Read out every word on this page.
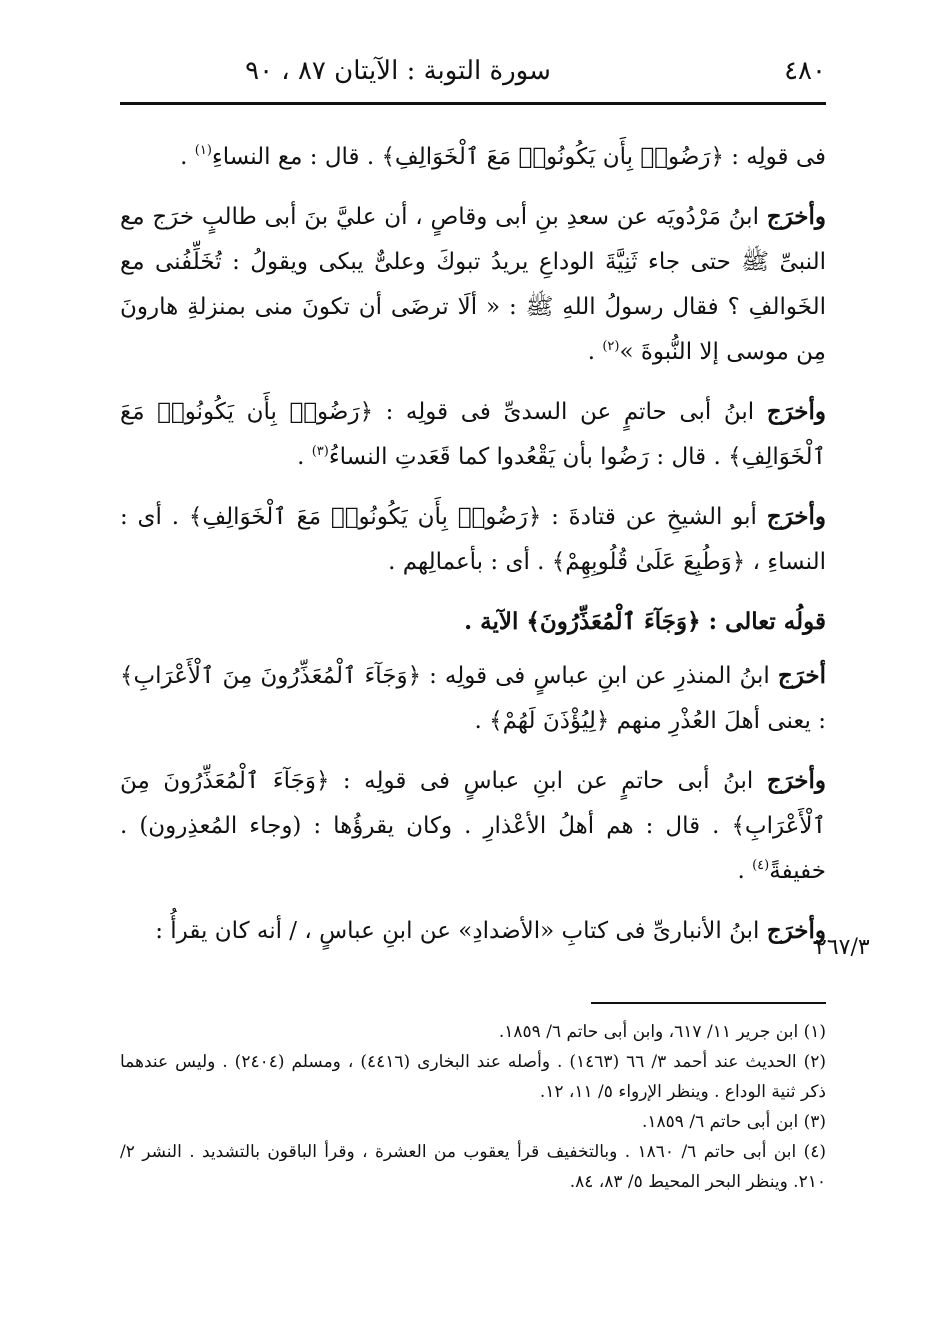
٤٨٠
سورة التوبة : الآيتان ٨٧ ، ٩٠

فى قولِه : ﴿رَضُوا۟ بِأَن يَكُونُوا۟ مَعَ ٱلْخَوَالِفِ﴾ . قال : مع النساءِ$^{(١)}$ .

وأخرَج ابنُ مَرْدُويَه عن سعدِ بنِ أبى وقاصٍ ، أن عليَّ بنَ أبى طالبٍ خرَج مع النبىِّ ﷺ حتى جاء ثَنِيَّةَ الوداعِ يريدُ تبوكَ وعلىٌّ يبكى ويقولُ : تُخَلِّفُنى مع الخَوالفِ ؟ فقال رسولُ اللهِ ﷺ : « ألَا ترضَى أن تكونَ منى بمنزلةِ هارونَ مِن موسى إلا النُّبوةَ »$^{(٢)}$ .

وأخرَج ابنُ أبى حاتمٍ عن السدىِّ فى قولِه : ﴿رَضُوا۟ بِأَن يَكُونُوا۟ مَعَ ٱلْخَوَالِفِ﴾ . قال : رَضُوا بأن يَقْعُدوا كما قَعَدتِ النساءُ$^{(٣)}$ .

وأخرَج أبو الشيخِ عن قتادةَ : ﴿رَضُوا۟ بِأَن يَكُونُوا۟ مَعَ ٱلْخَوَالِفِ﴾ . أى : النساءِ ، ﴿وَطُبِعَ عَلَىٰ قُلُوبِهِمْ﴾ . أى : بأعمالِهم .

قولُه تعالى : ﴿وَجَآءَ ٱلْمُعَذِّرُونَ﴾ الآية .

أخرَج ابنُ المنذرِ عن ابنِ عباسٍ فى قولِه : ﴿وَجَآءَ ٱلْمُعَذِّرُونَ مِنَ ٱلْأَعْرَابِ﴾ : يعنى أهلَ العُذْرِ منهم ﴿لِيُؤْذَنَ لَهُمْ﴾ .

وأخرَج ابنُ أبى حاتمٍ عن ابنِ عباسٍ فى قولِه : ﴿وَجَآءَ ٱلْمُعَذِّرُونَ مِنَ ٱلْأَعْرَابِ﴾ . قال : هم أهلُ الأعْذارِ . وكان يقرؤُها : (وجاء المُعذِرون) . خفيفةً$^{(٤)}$ .

وأخرَج ابنُ الأنبارىِّ فى كتابِ «الأضدادِ» عن ابنِ عباسٍ ، / أنه كان يقرأُ :

٢٦٧/٣
(١) ابن جرير ١١/ ٦١٧، وابن أبى حاتم ٦/ ١٨٥٩.
(٢) الحديث عند أحمد ٣/ ٦٦ (١٤٦٣) . وأصله عند البخارى (٤٤١٦) ، ومسلم (٢٤٠٤) . وليس عندهما ذكر ثنية الوداع . وينظر الإرواء ٥/ ١١، ١٢.
(٣) ابن أبى حاتم ٦/ ١٨٥٩.
(٤) ابن أبى حاتم ٦/ ١٨٦٠ . وبالتخفيف قرأ يعقوب من العشرة ، وقرأ الباقون بالتشديد . النشر ٢/ ٢١٠. وينظر البحر المحيط ٥/ ٨٣، ٨٤.
